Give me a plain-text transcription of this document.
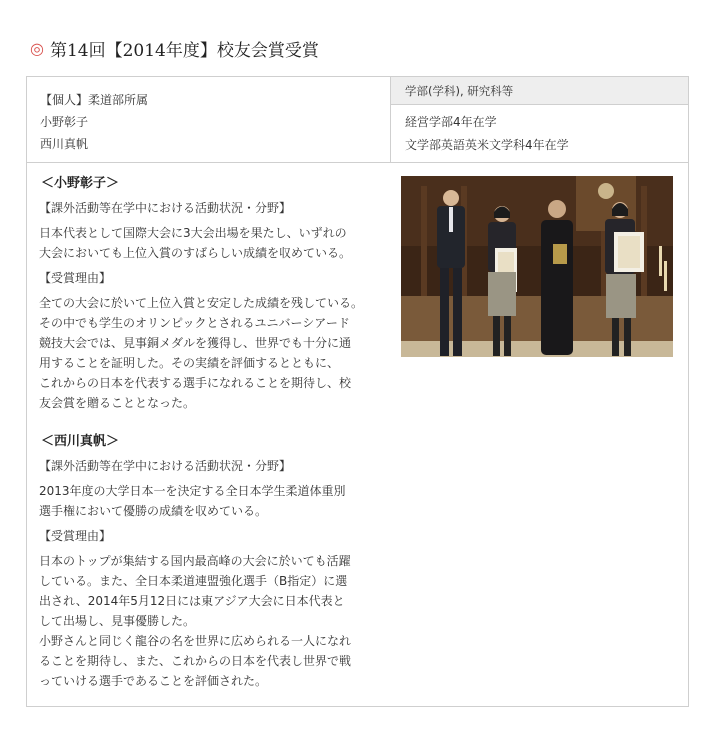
◎ 第14回【2014年度】校友会賞受賞
【個人】柔道部所属
小野彰子
西川真帆
学部(学科), 研究科等
経営学部4年在学
文学部英語英米文学科4年在学
＜小野彰子＞
【課外活動等在学中における活動状況・分野】
日本代表として国際大会に3大会出場を果たし、いずれの
大会においても上位入賞のすばらしい成績を収めている。
【受賞理由】
全ての大会に於いて上位入賞と安定した成績を残している。
その中でも学生のオリンピックとされるユニバーシアード
競技大会では、見事銅メダルを獲得し、世界でも十分に通
用することを証明した。その実績を評価するとともに、
これからの日本を代表する選手になれることを期待し、校
友会賞を贈ることとなった。
＜西川真帆＞
【課外活動等在学中における活動状況・分野】
2013年度の大学日本一を決定する全日本学生柔道体重別
選手権において優勝の成績を収めている。
【受賞理由】
日本のトップが集結する国内最高峰の大会に於いても活躍
している。また、全日本柔道連盟強化選手（B指定）に選
出され、2014年5月12日には東アジア大会に日本代表と
して出場し、見事優勝した。
小野さんと同じく龍谷の名を世界に広められる一人になれ
ることを期待し、また、これからの日本を代表し世界で戦
っていける選手であることを評価された。
